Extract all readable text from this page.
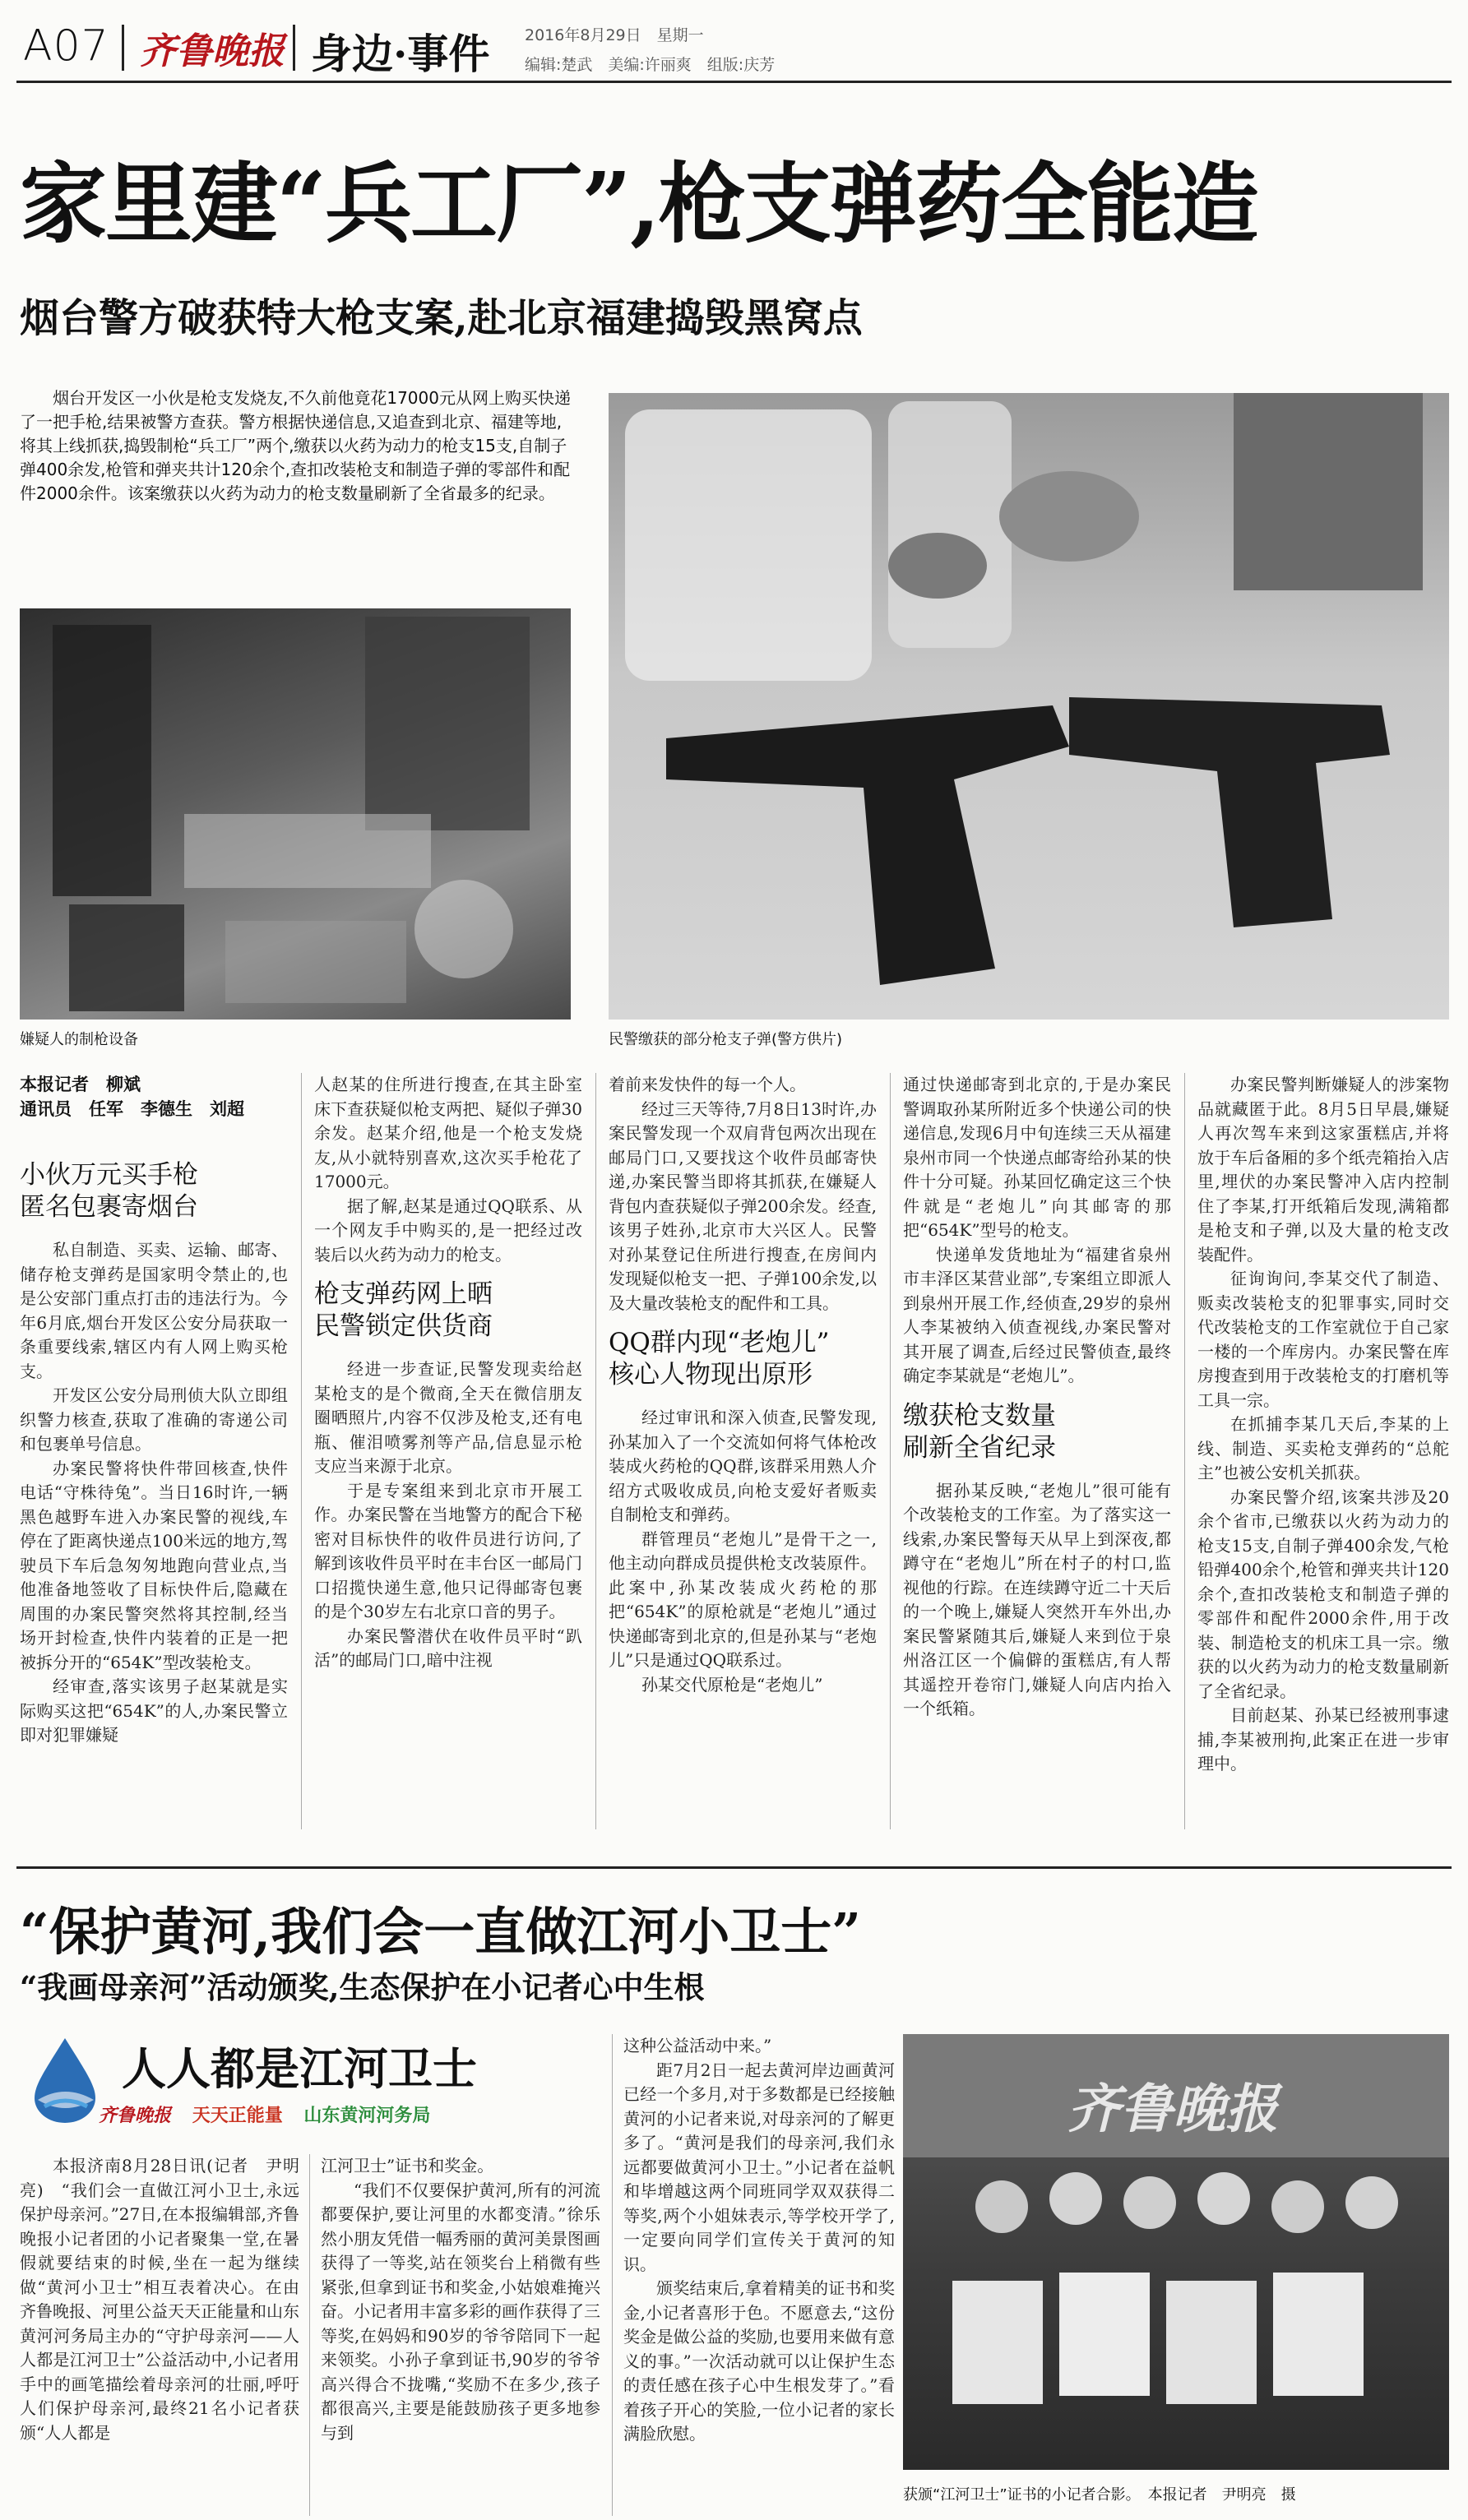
A07 齐鲁晚报 身边·事件 2016年8月29日　星期一
编辑:楚武　美编:许丽爽　组版:庆芳
家里建“兵工厂”,枪支弹药全能造
烟台警方破获特大枪支案,赴北京福建捣毁黑窝点
烟台开发区一小伙是枪支发烧友,不久前他竟花17000元从网上购买快递了一把手枪,结果被警方查获。警方根据快递信息,又追查到北京、福建等地,将其上线抓获,捣毁制枪“兵工厂”两个,缴获以火药为动力的枪支15支,自制子弹400余发,枪管和弹夹共计120余个,查扣改装枪支和制造子弹的零部件和配件2000余件。该案缴获以火药为动力的枪支数量刷新了全省最多的纪录。
嫌疑人的制枪设备	民警缴获的部分枪支子弹(警方供片)
本报记者　柳斌
通讯员　任军　李德生　刘超
小伙万元买手枪
匿名包裹寄烟台

私自制造、买卖、运输、邮寄、储存枪支弹药是国家明令禁止的,也是公安部门重点打击的违法行为。今年6月底,烟台开发区公安分局获取一条重要线索,辖区内有人网上购买枪支。

开发区公安分局刑侦大队立即组织警力核查,获取了准确的寄递公司和包裹单号信息。

办案民警将快件带回核查,快件电话“守株待兔”。当日16时许,一辆黑色越野车进入办案民警的视线,车停在了距离快递点100米远的地方,驾驶员下车后急匆匆地跑向营业点,当他准备地签收了目标快件后,隐藏在周围的办案民警突然将其控制,经当场开封检查,快件内装着的正是一把被拆分开的“654K”型改装枪支。

经审查,落实该男子赵某就是实际购买这把“654K”的人,办案民警立即对犯罪嫌疑

人赵某的住所进行搜查,在其主卧室床下查获疑似枪支两把、疑似子弹30余发。赵某介绍,他是一个枪支发烧友,从小就特别喜欢,这次买手枪花了17000元。

据了解,赵某是通过QQ联系、从一个网友手中购买的,是一把经过改装后以火药为动力的枪支。

枪支弹药网上晒
民警锁定供货商

经进一步查证,民警发现卖给赵某枪支的是个微商,全天在微信朋友圈晒照片,内容不仅涉及枪支,还有电瓶、催泪喷雾剂等产品,信息显示枪支应当来源于北京。

于是专案组来到北京市开展工作。办案民警在当地警方的配合下秘密对目标快件的收件员进行访问,了解到该收件员平时在丰台区一邮局门口招揽快递生意,他只记得邮寄包裹的是个30岁左右北京口音的男子。

办案民警潜伏在收件员平时“趴活”的邮局门口,暗中注视

着前来发快件的每一个人。

经过三天等待,7月8日13时许,办案民警发现一个双肩背包两次出现在邮局门口,又要找这个收件员邮寄快递,办案民警当即将其抓获,在嫌疑人背包内查获疑似子弹200余发。经查,该男子姓孙,北京市大兴区人。民警对孙某登记住所进行搜查,在房间内发现疑似枪支一把、子弹100余发,以及大量改装枪支的配件和工具。

QQ群内现“老炮儿”
核心人物现出原形

经过审讯和深入侦查,民警发现,孙某加入了一个交流如何将气体枪改装成火药枪的QQ群,该群采用熟人介绍方式吸收成员,向枪支爱好者贩卖自制枪支和弹药。

群管理员“老炮儿”是骨干之一,他主动向群成员提供枪支改装原件。此案中,孙某改装成火药枪的那把“654K”的原枪就是“老炮儿”通过快递邮寄到北京的,但是孙某与“老炮儿”只是通过QQ联系过。

孙某交代原枪是“老炮儿”

通过快递邮寄到北京的,于是办案民警调取孙某所附近多个快递公司的快递信息,发现6月中旬连续三天从福建泉州市同一个快递点邮寄给孙某的快件十分可疑。孙某回忆确定这三个快件就是“老炮儿”向其邮寄的那把“654K”型号的枪支。

快递单发货地址为“福建省泉州市丰泽区某营业部”,专案组立即派人到泉州开展工作,经侦查,29岁的泉州人李某被纳入侦查视线,办案民警对其开展了调查,后经过民警侦查,最终确定李某就是“老炮儿”。

缴获枪支数量
刷新全省纪录

据孙某反映,“老炮儿”很可能有个改装枪支的工作室。为了落实这一线索,办案民警每天从早上到深夜,都蹲守在“老炮儿”所在村子的村口,监视他的行踪。在连续蹲守近二十天后的一个晚上,嫌疑人突然开车外出,办案民警紧随其后,嫌疑人来到位于泉州洛江区一个偏僻的蛋糕店,有人帮其遥控开卷帘门,嫌疑人向店内抬入一个纸箱。

办案民警判断嫌疑人的涉案物品就藏匿于此。8月5日早晨,嫌疑人再次驾车来到这家蛋糕店,并将放于车后备厢的多个纸壳箱抬入店里,埋伏的办案民警冲入店内控制住了李某,打开纸箱后发现,满箱都是枪支和子弹,以及大量的枪支改装配件。

征询询问,李某交代了制造、贩卖改装枪支的犯罪事实,同时交代改装枪支的工作室就位于自己家一楼的一个库房内。办案民警在库房搜查到用于改装枪支的打磨机等工具一宗。

在抓捕李某几天后,李某的上线、制造、买卖枪支弹药的“总舵主”也被公安机关抓获。

办案民警介绍,该案共涉及20余个省市,已缴获以火药为动力的枪支15支,自制子弹400余发,气枪铅弹400余个,枪管和弹夹共计120余个,查扣改装枪支和制造子弹的零部件和配件2000余件,用于改装、制造枪支的机床工具一宗。缴获的以火药为动力的枪支数量刷新了全省纪录。

目前赵某、孙某已经被刑事逮捕,李某被刑拘,此案正在进一步审理中。

“保护黄河,我们会一直做江河小卫士”
“我画母亲河”活动颁奖,生态保护在小记者心中生根
人人都是江河卫士
齐鲁晚报 天天正能量 山东黄河河务局

本报济南8月28日讯(记者　尹明亮)　“我们会一直做江河小卫士,永远保护母亲河。”27日,在本报编辑部,齐鲁晚报小记者团的小记者聚集一堂,在暑假就要结束的时候,坐在一起为继续做“黄河小卫士”相互表着决心。在由齐鲁晚报、河里公益天天正能量和山东黄河河务局主办的“守护母亲河——人人都是江河卫士”公益活动中,小记者用手中的画笔描绘着母亲河的壮丽,呼吁人们保护母亲河,最终21名小记者获颁“人人都是

江河卫士”证书和奖金。

“我们不仅要保护黄河,所有的河流都要保护,要让河里的水都变清。”徐乐然小朋友凭借一幅秀丽的黄河美景图画获得了一等奖,站在领奖台上稍微有些紧张,但拿到证书和奖金,小姑娘难掩兴奋。小记者用丰富多彩的画作获得了三等奖,在妈妈和90岁的爷爷陪同下一起来领奖。小孙子拿到证书,90岁的爷爷高兴得合不拢嘴,“奖励不在多少,孩子都很高兴,主要是能鼓励孩子更多地参与到

这种公益活动中来。”

距7月2日一起去黄河岸边画黄河已经一个多月,对于多数都是已经接触黄河的小记者来说,对母亲河的了解更多了。“黄河是我们的母亲河,我们永远都要做黄河小卫士。”小记者在益帆和毕增越这两个同班同学双双获得二等奖,两个小姐妹表示,等学校开学了,一定要向同学们宣传关于黄河的知识。

颁奖结束后,拿着精美的证书和奖金,小记者喜形于色。不愿意去,“这份奖金是做公益的奖励,也要用来做有意义的事。”一次活动就可以让保护生态的责任感在孩子心中生根发芽了。”看着孩子开心的笑脸,一位小记者的家长满脸欣慰。

齐鲁晚报
获颁“江河卫士”证书的小记者合影。　本报记者　尹明亮　摄
